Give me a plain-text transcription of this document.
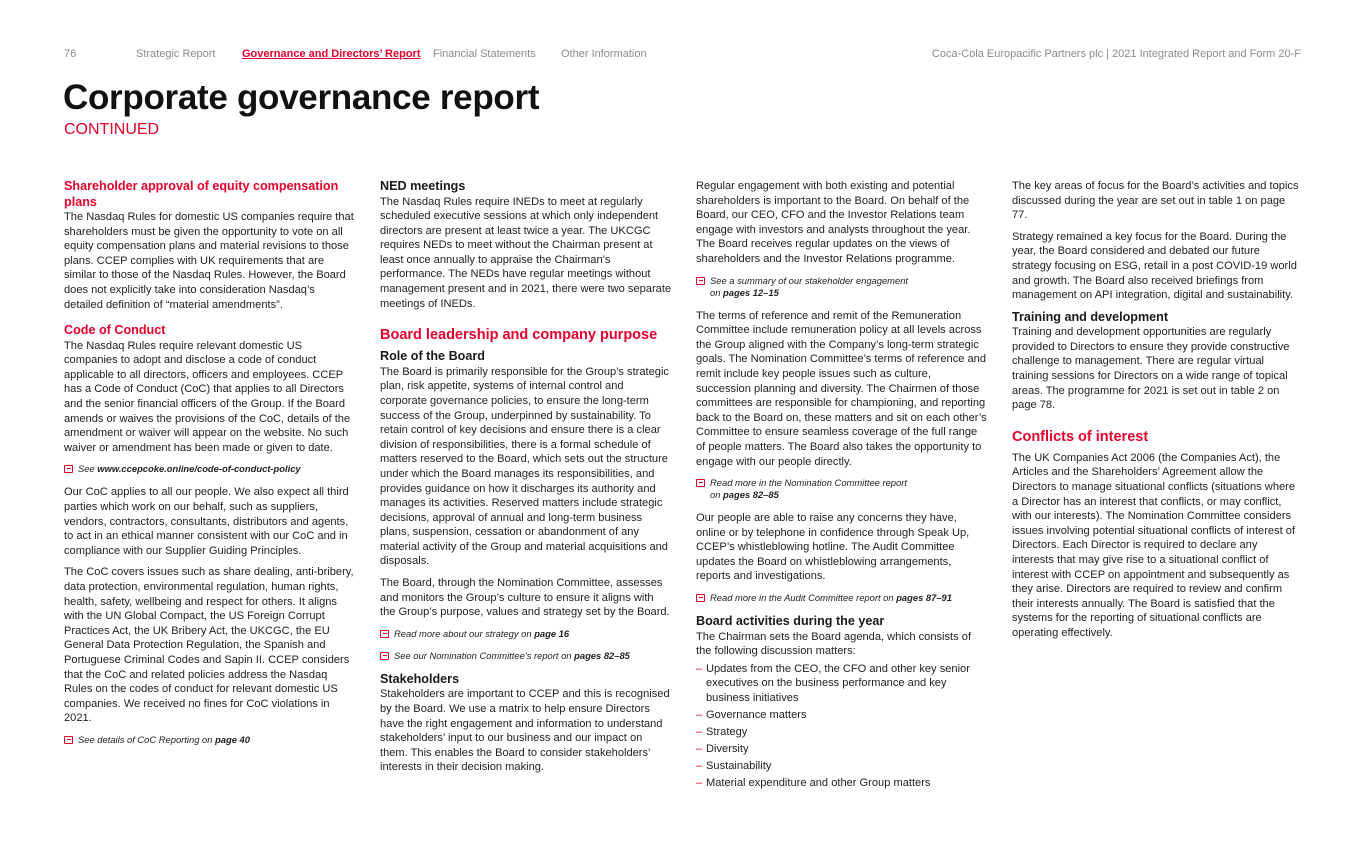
76	Strategic Report Governance and Directors’ Report Financial Statements Other Information	Coca-Cola Europacific Partners plc | 2021 Integrated Report and Form 20-F
Corporate governance report
CONTINUED
Shareholder approval of equity compensation plans

The Nasdaq Rules for domestic US companies require that shareholders must be given the opportunity to vote on all equity compensation plans and material revisions to those plans. CCEP complies with UK requirements that are similar to those of the Nasdaq Rules. However, the Board does not explicitly take into consideration Nasdaq’s detailed definition of “material amendments”.

Code of Conduct

The Nasdaq Rules require relevant domestic US companies to adopt and disclose a code of conduct applicable to all directors, officers and employees. CCEP has a Code of Conduct (CoC) that applies to all Directors and the senior financial officers of the Group. If the Board amends or waives the provisions of the CoC, details of the amendment or waiver will appear on the website. No such waiver or amendment has been made or given to date.

See www.ccepcoke.online/code-of-conduct-policy

Our CoC applies to all our people. We also expect all third parties which work on our behalf, such as suppliers, vendors, contractors, consultants, distributors and agents, to act in an ethical manner consistent with our CoC and in compliance with our Supplier Guiding Principles.

The CoC covers issues such as share dealing, anti-bribery, data protection, environmental regulation, human rights, health, safety, wellbeing and respect for others. It aligns with the UN Global Compact, the US Foreign Corrupt Practices Act, the UK Bribery Act, the UKCGC, the EU General Data Protection Regulation, the Spanish and Portuguese Criminal Codes and Sapin II. CCEP considers that the CoC and related policies address the Nasdaq Rules on the codes of conduct for relevant domestic US companies. We received no fines for CoC violations in 2021.

See details of CoC Reporting on page 40
NED meetings

The Nasdaq Rules require INEDs to meet at regularly scheduled executive sessions at which only independent directors are present at least twice a year. The UKCGC requires NEDs to meet without the Chairman present at least once annually to appraise the Chairman’s performance. The NEDs have regular meetings without management present and in 2021, there were two separate meetings of INEDs.

Board leadership and company purpose
Role of the Board

The Board is primarily responsible for the Group’s strategic plan, risk appetite, systems of internal control and corporate governance policies, to ensure the long-term success of the Group, underpinned by sustainability. To retain control of key decisions and ensure there is a clear division of responsibilities, there is a formal schedule of matters reserved to the Board, which sets out the structure under which the Board manages its responsibilities, and provides guidance on how it discharges its authority and manages its activities. Reserved matters include strategic decisions, approval of annual and long-term business plans, suspension, cessation or abandonment of any material activity of the Group and material acquisitions and disposals.

The Board, through the Nomination Committee, assesses and monitors the Group’s culture to ensure it aligns with the Group’s purpose, values and strategy set by the Board.

Read more about our strategy on page 16
See our Nomination Committee’s report on pages 82–85
Stakeholders

Stakeholders are important to CCEP and this is recognised by the Board. We use a matrix to help ensure Directors have the right engagement and information to understand stakeholders’ input to our business and our impact on them. This enables the Board to consider stakeholders’ interests in their decision making.

Regular engagement with both existing and potential shareholders is important to the Board. On behalf of the Board, our CEO, CFO and the Investor Relations team engage with investors and analysts throughout the year. The Board receives regular updates on the views of shareholders and the Investor Relations programme.

See a summary of our stakeholder engagement
on pages 12–15

The terms of reference and remit of the Remuneration Committee include remuneration policy at all levels across the Group aligned with the Company’s long-term strategic goals. The Nomination Committee’s terms of reference and remit include key people issues such as culture, succession planning and diversity. The Chairmen of those committees are responsible for championing, and reporting back to the Board on, these matters and sit on each other’s Committee to ensure seamless coverage of the full range of people matters. The Board also takes the opportunity to engage with our people directly.

Read more in the Nomination Committee report
on pages 82–85

Our people are able to raise any concerns they have, online or by telephone in confidence through Speak Up, CCEP’s whistleblowing hotline. The Audit Committee updates the Board on whistleblowing arrangements, reports and investigations.

Read more in the Audit Committee report on pages 87–91
Board activities during the year

The Chairman sets the Board agenda, which consists of the following discussion matters:

– Updates from the CEO, the CFO and other key senior executives on the business performance and key business initiatives
– Governance matters
– Strategy
– Diversity
– Sustainability
– Material expenditure and other Group matters

The key areas of focus for the Board’s activities and topics discussed during the year are set out in table 1 on page 77.

Strategy remained a key focus for the Board. During the year, the Board considered and debated our future strategy focusing on ESG, retail in a post COVID-19 world and growth. The Board also received briefings from management on API integration, digital and sustainability.

Training and development

Training and development opportunities are regularly provided to Directors to ensure they provide constructive challenge to management. There are regular virtual training sessions for Directors on a wide range of topical areas. The programme for 2021 is set out in table 2 on page 78.

Conflicts of interest

The UK Companies Act 2006 (the Companies Act), the Articles and the Shareholders’ Agreement allow the Directors to manage situational conflicts (situations where a Director has an interest that conflicts, or may conflict, with our interests). The Nomination Committee considers issues involving potential situational conflicts of interest of Directors. Each Director is required to declare any interests that may give rise to a situational conflict of interest with CCEP on appointment and subsequently as they arise. Directors are required to review and confirm their interests annually. The Board is satisfied that the systems for the reporting of situational conflicts are operating effectively.
